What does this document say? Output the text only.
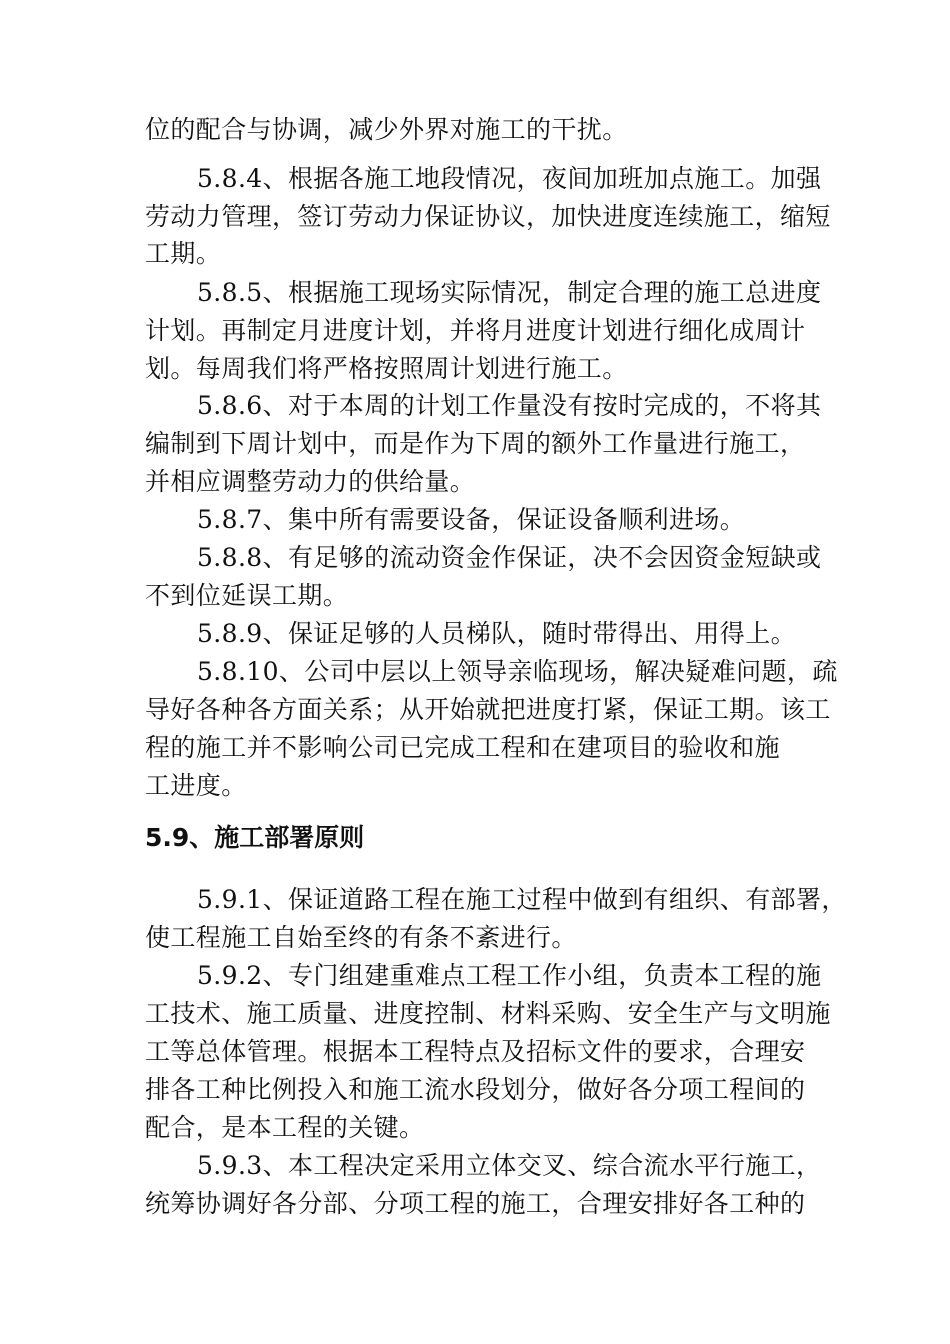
位的配合与协调，减少外界对施工的干扰。
5.8.4、根据各施工地段情况，夜间加班加点施工。加强
劳动力管理，签订劳动力保证协议，加快进度连续施工，缩短
工期。
5.8.5、根据施工现场实际情况，制定合理的施工总进度
计划。再制定月进度计划，并将月进度计划进行细化成周计
划。每周我们将严格按照周计划进行施工。
5.8.6、对于本周的计划工作量没有按时完成的，不将其
编制到下周计划中，而是作为下周的额外工作量进行施工，
并相应调整劳动力的供给量。
5.8.7、集中所有需要设备，保证设备顺利进场。
5.8.8、有足够的流动资金作保证，决不会因资金短缺或
不到位延误工期。
5.8.9、保证足够的人员梯队，随时带得出、用得上。
5.8.10、公司中层以上领导亲临现场，解决疑难问题，疏
导好各种各方面关系；从开始就把进度打紧，保证工期。该工
程的施工并不影响公司已完成工程和在建项目的验收和施
工进度。
5.9、施工部署原则
5.9.1、保证道路工程在施工过程中做到有组织、有部署，
使工程施工自始至终的有条不紊进行。
5.9.2、专门组建重难点工程工作小组，负责本工程的施
工技术、施工质量、进度控制、材料采购、安全生产与文明施
工等总体管理。根据本工程特点及招标文件的要求，合理安
排各工种比例投入和施工流水段划分，做好各分项工程间的
配合，是本工程的关键。
5.9.3、本工程决定采用立体交叉、综合流水平行施工，
统筹协调好各分部、分项工程的施工，合理安排好各工种的
